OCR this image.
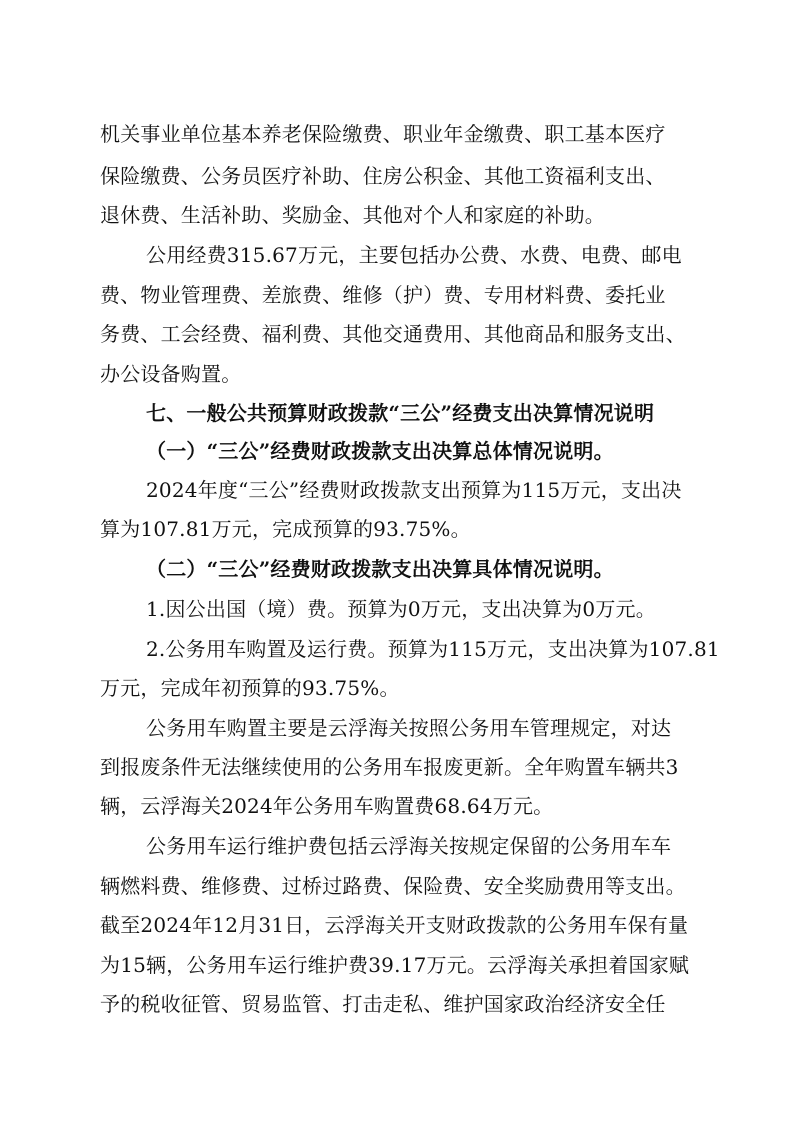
机关事业单位基本养老保险缴费、职业年金缴费、职工基本医疗
保险缴费、公务员医疗补助、住房公积金、其他工资福利支出、
退休费、生活补助、奖励金、其他对个人和家庭的补助。
公用经费315.67万元，主要包括办公费、水费、电费、邮电
费、物业管理费、差旅费、维修（护）费、专用材料费、委托业
务费、工会经费、福利费、其他交通费用、其他商品和服务支出、
办公设备购置。
七、一般公共预算财政拨款“三公”经费支出决算情况说明
（一）“三公”经费财政拨款支出决算总体情况说明。
2024年度“三公”经费财政拨款支出预算为115万元，支出决
算为107.81万元，完成预算的93.75%。
（二）“三公”经费财政拨款支出决算具体情况说明。
1.因公出国（境）费。预算为0万元，支出决算为0万元。
2.公务用车购置及运行费。预算为115万元，支出决算为107.81
万元，完成年初预算的93.75%。
公务用车购置主要是云浮海关按照公务用车管理规定，对达
到报废条件无法继续使用的公务用车报废更新。全年购置车辆共3
辆，云浮海关2024年公务用车购置费68.64万元。
公务用车运行维护费包括云浮海关按规定保留的公务用车车
辆燃料费、维修费、过桥过路费、保险费、安全奖励费用等支出。
截至2024年12月31日，云浮海关开支财政拨款的公务用车保有量
为15辆，公务用车运行维护费39.17万元。云浮海关承担着国家赋
予的税收征管、贸易监管、打击走私、维护国家政治经济安全任
